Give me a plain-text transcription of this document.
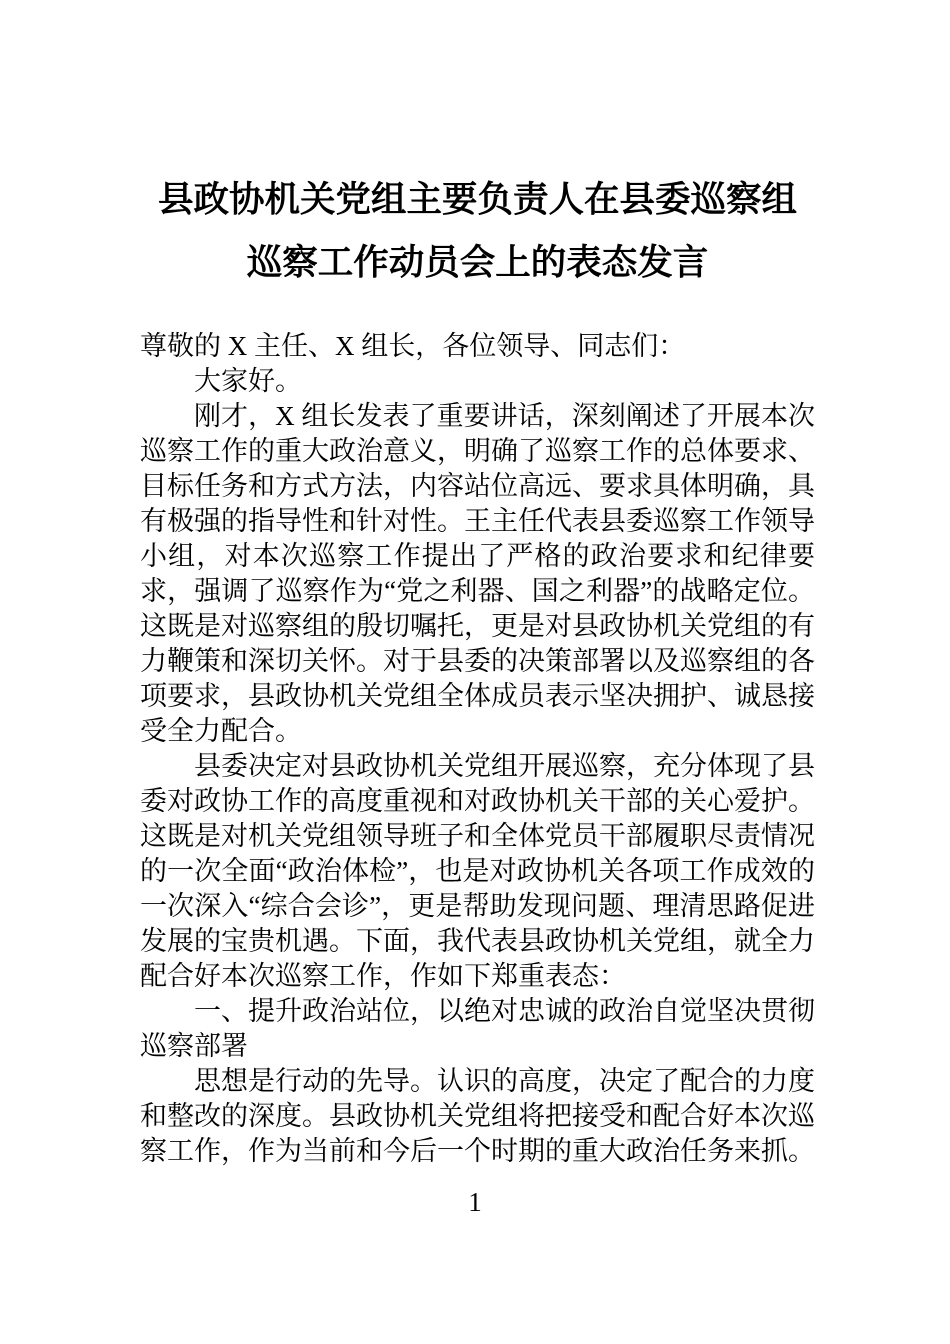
县政协机关党组主要负责人在县委巡察组
巡察工作动员会上的表态发言

尊敬的 X 主任、X 组长，各位领导、同志们：

大家好。

刚才，X 组长发表了重要讲话，深刻阐述了开展本次巡察工作的重大政治意义，明确了巡察工作的总体要求、目标任务和方式方法，内容站位高远、要求具体明确，具有极强的指导性和针对性。王主任代表县委巡察工作领导小组，对本次巡察工作提出了严格的政治要求和纪律要求，强调了巡察作为“党之利器、国之利器”的战略定位。这既是对巡察组的殷切嘱托，更是对县政协机关党组的有力鞭策和深切关怀。对于县委的决策部署以及巡察组的各项要求，县政协机关党组全体成员表示坚决拥护、诚恳接受全力配合。

县委决定对县政协机关党组开展巡察，充分体现了县委对政协工作的高度重视和对政协机关干部的关心爱护。这既是对机关党组领导班子和全体党员干部履职尽责情况的一次全面“政治体检”，也是对政协机关各项工作成效的一次深入“综合会诊”，更是帮助发现问题、理清思路促进发展的宝贵机遇。下面，我代表县政协机关党组，就全力配合好本次巡察工作，作如下郑重表态：

一、提升政治站位，以绝对忠诚的政治自觉坚决贯彻巡察部署

思想是行动的先导。认识的高度，决定了配合的力度和整改的深度。县政协机关党组将把接受和配合好本次巡察工作，作为当前和今后一个时期的重大政治任务来抓。

1
